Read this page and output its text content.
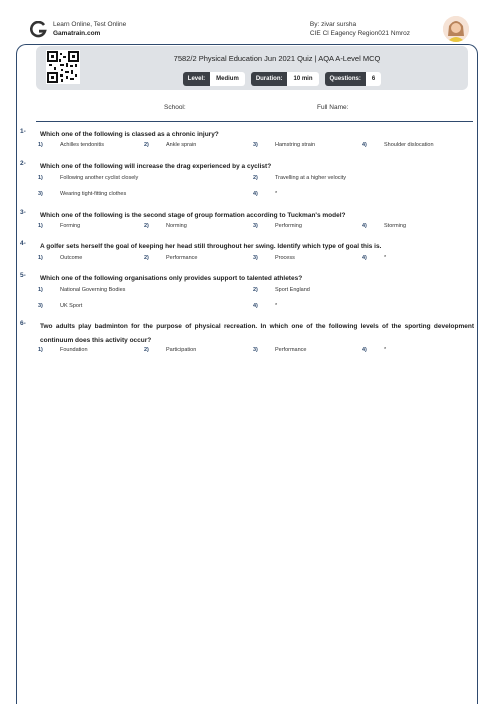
Learn Online, Test Online
Gamatrain.com
By: zivar sursha
CIE Cl Eagency Region021 Nmroz
7582/2 Physical Education Jun 2021 Quiz | AQA A-Level MCQ
Level:	Medium	Duration:	10 min	Questions:	6
School:	Full Name:
1- Which one of the following is classed as a chronic injury?
1)	Achilles tendonitis	2)	Ankle sprain	3)	Hamstring strain	4)	Shoulder dislocation
2- Which one of the following will increase the drag experienced by a cyclist?
1)	Following another cyclist closely	2)	Travelling at a higher velocity
3)	Wearing tight-fitting clothes	4)	*
3- Which one of the following is the second stage of group formation according to Tuckman's model?
1)	Forming	2)	Norming	3)	Performing	4)	Storming
4- A golfer sets herself the goal of keeping her head still throughout her swing. Identify which type of goal this is.
1)	Outcome	2)	Performance	3)	Process	4)	*
5- Which one of the following organisations only provides support to talented athletes?
1)	National Governing Bodies	2)	Sport England
3)	UK Sport	4)	*
6- Two adults play badminton for the purpose of physical recreation. In which one of the following levels of the sporting development continuum does this activity occur?
1)	Foundation	2)	Participation	3)	Performance	4)	*
